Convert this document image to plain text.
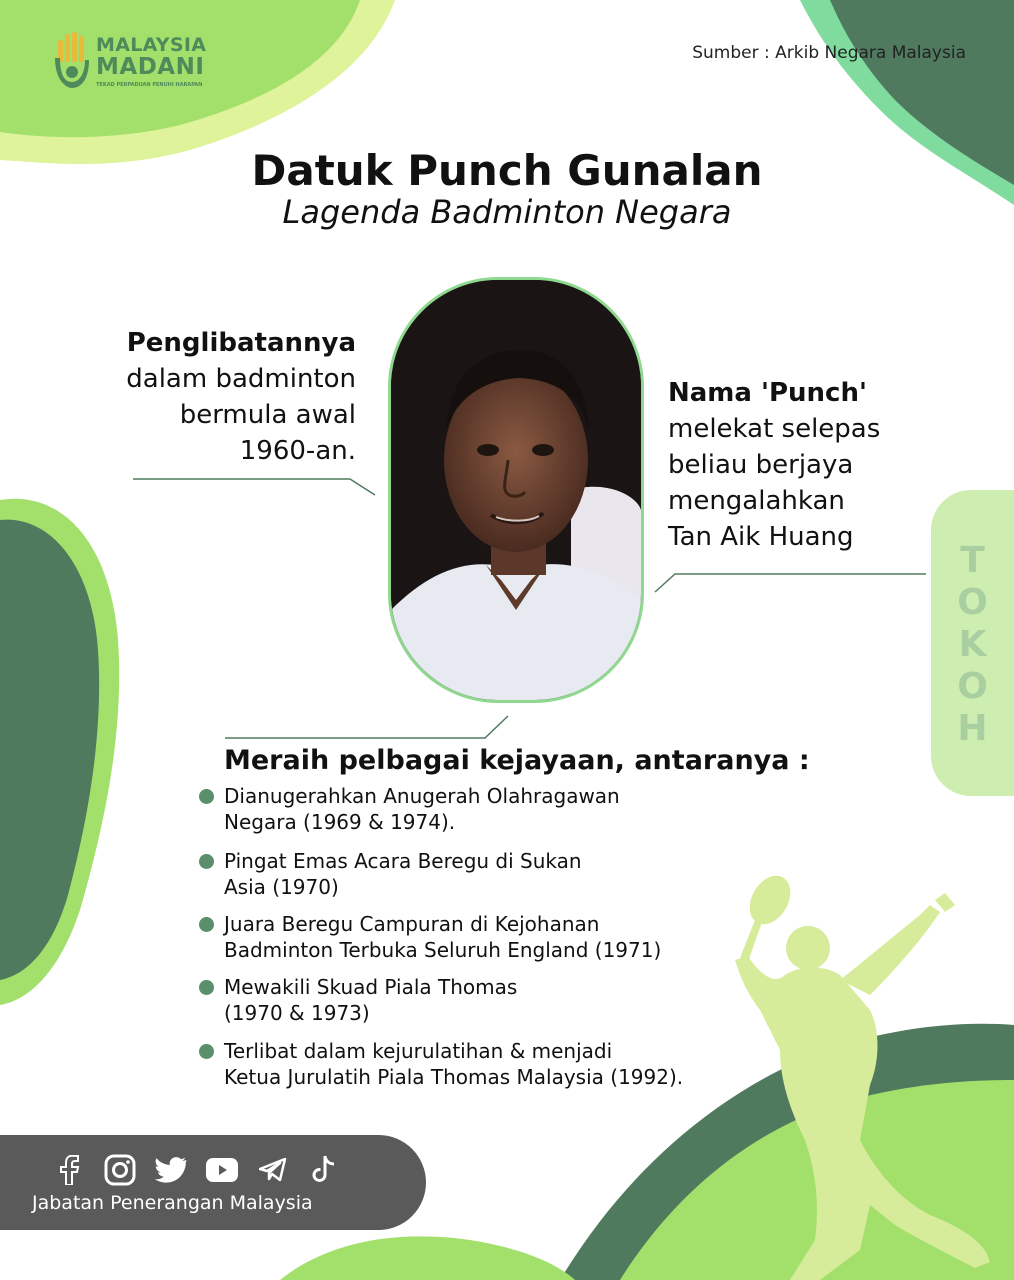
MALAYSIA
MADANI
TEKAD PERPADUAN PENUHI HARAPAN
Sumber : Arkib Negara Malaysia
Datuk Punch Gunalan
Lagenda Badminton Negara
Penglibatannya
dalam badminton
bermula awal
1960-an.
Nama 'Punch'
melekat selepas
beliau berjaya
mengalahkan
Tan Aik Huang
T
O
K
O
H
Meraih pelbagai kejayaan, antaranya :
Dianugerahkan Anugerah Olahragawan
Negara (1969 & 1974).
Pingat Emas Acara Beregu di Sukan
Asia (1970)
Juara Beregu Campuran di Kejohanan
Badminton Terbuka Seluruh England (1971)
Mewakili Skuad Piala Thomas
(1970 & 1973)
Terlibat dalam kejurulatihan & menjadi
Ketua Jurulatih Piala Thomas Malaysia (1992).
Jabatan Penerangan Malaysia
